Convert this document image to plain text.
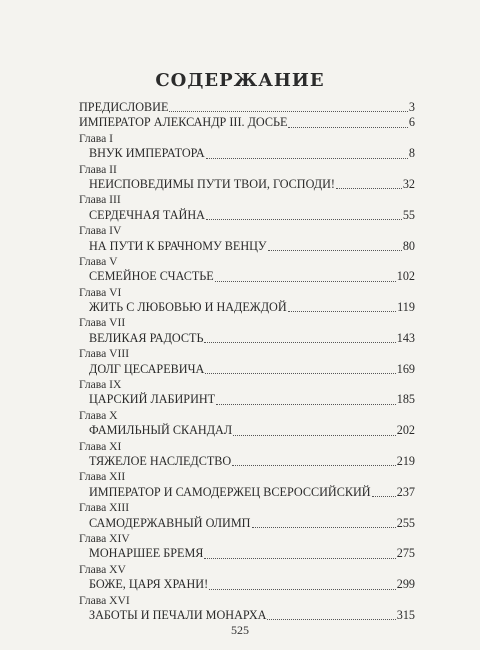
СОДЕРЖАНИЕ
ПРЕДИСЛОВИЕ	3
ИМПЕРАТОР АЛЕКСАНДР III. ДОСЬЕ	6
Глава I
ВНУК ИМПЕРАТОРА	8
Глава II
НЕИСПОВЕДИМЫ ПУТИ ТВОИ, ГОСПОДИ!	32
Глава III
СЕРДЕЧНАЯ ТАЙНА	55
Глава IV
НА ПУТИ К БРАЧНОМУ ВЕНЦУ	80
Глава V
СЕМЕЙНОЕ СЧАСТЬЕ	102
Глава VI
ЖИТЬ С ЛЮБОВЬЮ И НАДЕЖДОЙ	119
Глава VII
ВЕЛИКАЯ РАДОСТЬ	143
Глава VIII
ДОЛГ ЦЕСАРЕВИЧА	169
Глава IX
ЦАРСКИЙ ЛАБИРИНТ	185
Глава X
ФАМИЛЬНЫЙ СКАНДАЛ	202
Глава XI
ТЯЖЕЛОЕ НАСЛЕДСТВО	219
Глава XII
ИМПЕРАТОР И САМОДЕРЖЕЦ ВСЕРОССИЙСКИЙ 237
Глава XIII
САМОДЕРЖАВНЫЙ ОЛИМП	255
Глава XIV
МОНАРШЕЕ БРЕМЯ	275
Глава XV
БОЖЕ, ЦАРЯ ХРАНИ!	299
Глава XVI
ЗАБОТЫ И ПЕЧАЛИ МОНАРХА	315
525
